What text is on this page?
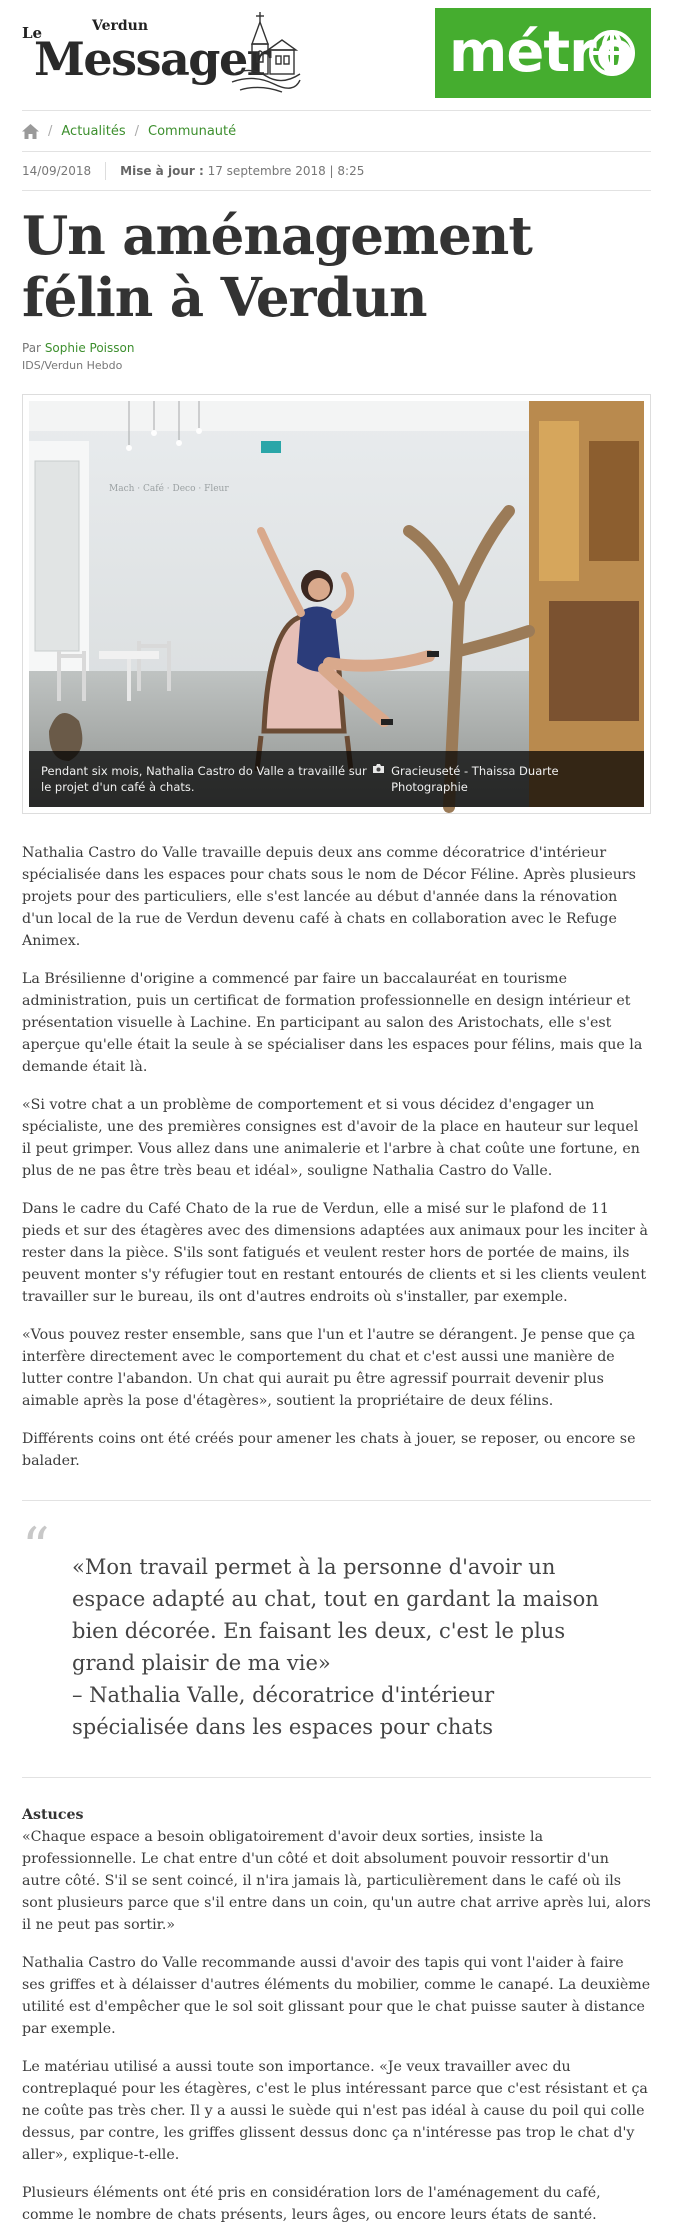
Le	Verdun
Messager	métro
/ Actualités / Communauté
14/09/2018 Mise à jour :
17 septembre 2018 | 8:25
Un aménagement félin à Verdun
Par Sophie Poisson
IDS/Verdun Hebdo
Mach · Café · Deco · Fleur
Pendant six mois, Nathalia Castro do Valle a travaillé sur le projet d'un café à chats.
Gracieuseté - Thaissa Duarte Photographie

Nathalia Castro do Valle travaille depuis deux ans comme décoratrice d'intérieur spécialisée dans les espaces pour chats sous le nom de Décor Féline. Après plusieurs projets pour des particuliers, elle s'est lancée au début d'année dans la rénovation d'un local de la rue de Verdun devenu café à chats en collaboration avec le Refuge Animex.

La Brésilienne d'origine a commencé par faire un baccalauréat en tourisme administration, puis un certificat de formation professionnelle en design intérieur et présentation visuelle à Lachine. En participant au salon des Aristochats, elle s'est aperçue qu'elle était la seule à se spécialiser dans les espaces pour félins, mais que la demande était là.

«Si votre chat a un problème de comportement et si vous décidez d'engager un spécialiste, une des premières consignes est d'avoir de la place en hauteur sur lequel il peut grimper. Vous allez dans une animalerie et l'arbre à chat coûte une fortune, en plus de ne pas être très beau et idéal», souligne Nathalia Castro do Valle.

Dans le cadre du Café Chato de la rue de Verdun, elle a misé sur le plafond de 11 pieds et sur des étagères avec des dimensions adaptées aux animaux pour les inciter à rester dans la pièce. S'ils sont fatigués et veulent rester hors de portée de mains, ils peuvent monter s'y réfugier tout en restant entourés de clients et si les clients veulent travailler sur le bureau, ils ont d'autres endroits où s'installer, par exemple.

«Vous pouvez rester ensemble, sans que l'un et l'autre se dérangent. Je pense que ça interfère directement avec le comportement du chat et c'est aussi une manière de lutter contre l'abandon. Un chat qui aurait pu être agressif pourrait devenir plus aimable après la pose d'étagères», soutient la propriétaire de deux félins.

Différents coins ont été créés pour amener les chats à jouer, se reposer, ou encore se balader.

“ «Mon travail permet à la personne d'avoir un espace adapté au chat, tout en gardant la maison bien décorée. En faisant les deux, c'est le plus grand plaisir de ma vie»
– Nathalia Valle, décoratrice d'intérieur spécialisée dans les espaces pour chats
Astuces

«Chaque espace a besoin obligatoirement d'avoir deux sorties, insiste la professionnelle. Le chat entre d'un côté et doit absolument pouvoir ressortir d'un autre côté. S'il se sent coincé, il n'ira jamais là, particulièrement dans le café où ils sont plusieurs parce que s'il entre dans un coin, qu'un autre chat arrive après lui, alors il ne peut pas sortir.»

Nathalia Castro do Valle recommande aussi d'avoir des tapis qui vont l'aider à faire ses griffes et à délaisser d'autres éléments du mobilier, comme le canapé. La deuxième utilité est d'empêcher que le sol soit glissant pour que le chat puisse sauter à distance par exemple.

Le matériau utilisé a aussi toute son importance. «Je veux travailler avec du contreplaqué pour les étagères, c'est le plus intéressant parce que c'est résistant et ça ne coûte pas très cher. Il y a aussi le suède qui n'est pas idéal à cause du poil qui colle dessus, par contre, les griffes glissent dessus donc ça n'intéresse pas trop le chat d'y aller», explique-t-elle.

Plusieurs éléments ont été pris en considération lors de l'aménagement du café, comme le nombre de chats présents, leurs âges, ou encore leurs états de santé.
